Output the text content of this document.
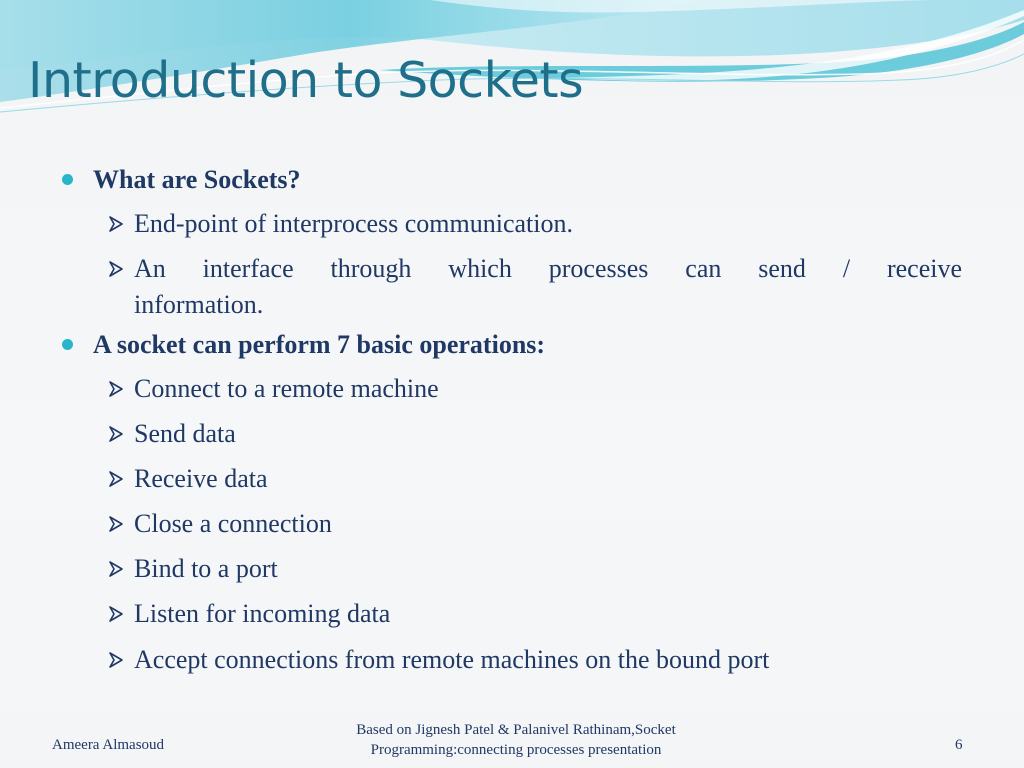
Introduction to Sockets
What are Sockets?
End-point of interprocess communication.
An interface through which processes can send / receive
information.
A socket can perform 7 basic operations:
Connect to a remote machine
Send data
Receive data
Close a connection
Bind to a port
Listen for incoming data
Accept connections from remote machines on the bound port
Ameera Almasoud
Based on Jignesh Patel & Palanivel Rathinam,Socket
Programming:connecting processes presentation	6
